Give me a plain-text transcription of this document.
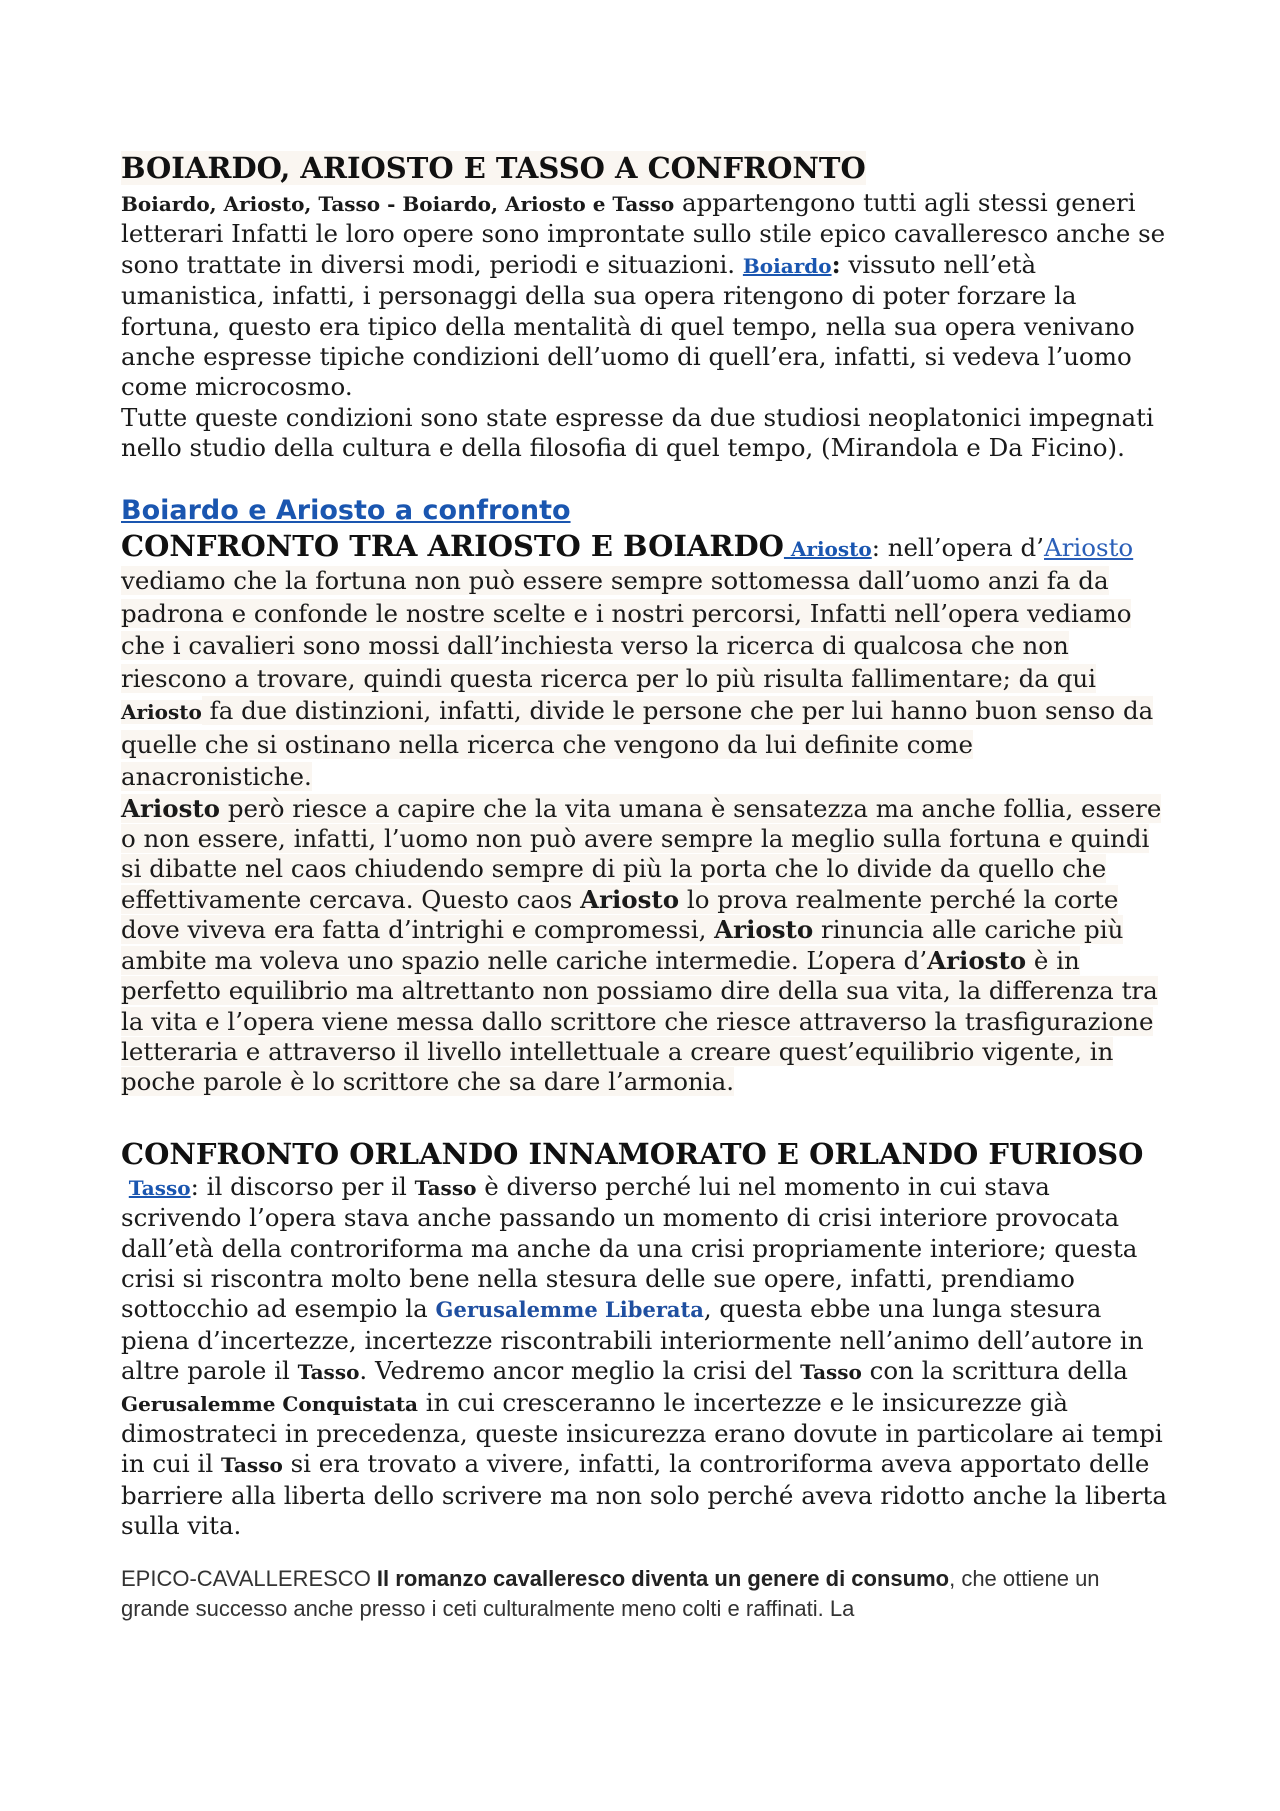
BOIARDO, ARIOSTO E TASSO A CONFRONTO

Boiardo, Ariosto, Tasso - Boiardo, Ariosto e Tasso appartengono tutti agli stessi generi letterari Infatti le loro opere sono improntate sullo stile epico cavalleresco anche se sono trattate in diversi modi, periodi e situazioni. Boiardo: vissuto nell’età umanistica, infatti, i personaggi della sua opera ritengono di poter forzare la fortuna, questo era tipico della mentalità di quel tempo, nella sua opera venivano anche espresse tipiche condizioni dell’uomo di quell’era, infatti, si vedeva l’uomo come microcosmo.

Tutte queste condizioni sono state espresse da due studiosi neoplatonici impegnati nello studio della cultura e della filosofia di quel tempo, (Mirandola e Da Ficino).

Boiardo e Ariosto a confronto

CONFRONTO TRA ARIOSTO E BOIARDO Ariosto: nell’opera d’Ariosto vediamo che la fortuna non può essere sempre sottomessa dall’uomo anzi fa da padrona e confonde le nostre scelte e i nostri percorsi, Infatti nell’opera vediamo che i cavalieri sono mossi dall’inchiesta verso la ricerca di qualcosa che non riescono a trovare, quindi questa ricerca per lo più risulta fallimentare; da qui Ariosto fa due distinzioni, infatti, divide le persone che per lui hanno buon senso da quelle che si ostinano nella ricerca che vengono da lui definite come anacronistiche.

Ariosto però riesce a capire che la vita umana è sensatezza ma anche follia, essere o non essere, infatti, l’uomo non può avere sempre la meglio sulla fortuna e quindi si dibatte nel caos chiudendo sempre di più la porta che lo divide da quello che effettivamente cercava. Questo caos Ariosto lo prova realmente perché la corte dove viveva era fatta d’intrighi e compromessi, Ariosto rinuncia alle cariche più ambite ma voleva uno spazio nelle cariche intermedie. L’opera d’Ariosto è in perfetto equilibrio ma altrettanto non possiamo dire della sua vita, la differenza tra la vita e l’opera viene messa dallo scrittore che riesce attraverso la trasfigurazione letteraria e attraverso il livello intellettuale a creare quest’equilibrio vigente, in poche parole è lo scrittore che sa dare l’armonia.

CONFRONTO ORLANDO INNAMORATO E ORLANDO FURIOSO

Tasso: il discorso per il Tasso è diverso perché lui nel momento in cui stava scrivendo l’opera stava anche passando un momento di crisi interiore provocata dall’età della controriforma ma anche da una crisi propriamente interiore; questa crisi si riscontra molto bene nella stesura delle sue opere, infatti, prendiamo sottocchio ad esempio la Gerusalemme Liberata, questa ebbe una lunga stesura piena d’incertezze, incertezze riscontrabili interiormente nell’animo dell’autore in altre parole il Tasso. Vedremo ancor meglio la crisi del Tasso con la scrittura della Gerusalemme Conquistata in cui cresceranno le incertezze e le insicurezze già dimostrateci in precedenza, queste insicurezza erano dovute in particolare ai tempi in cui il Tasso si era trovato a vivere, infatti, la controriforma aveva apportato delle barriere alla liberta dello scrivere ma non solo perché aveva ridotto anche la liberta sulla vita.

EPICO-CAVALLERESCO Il romanzo cavalleresco diventa un genere di consumo, che ottiene un grande successo anche presso i ceti culturalmente meno colti e raffinati. La
